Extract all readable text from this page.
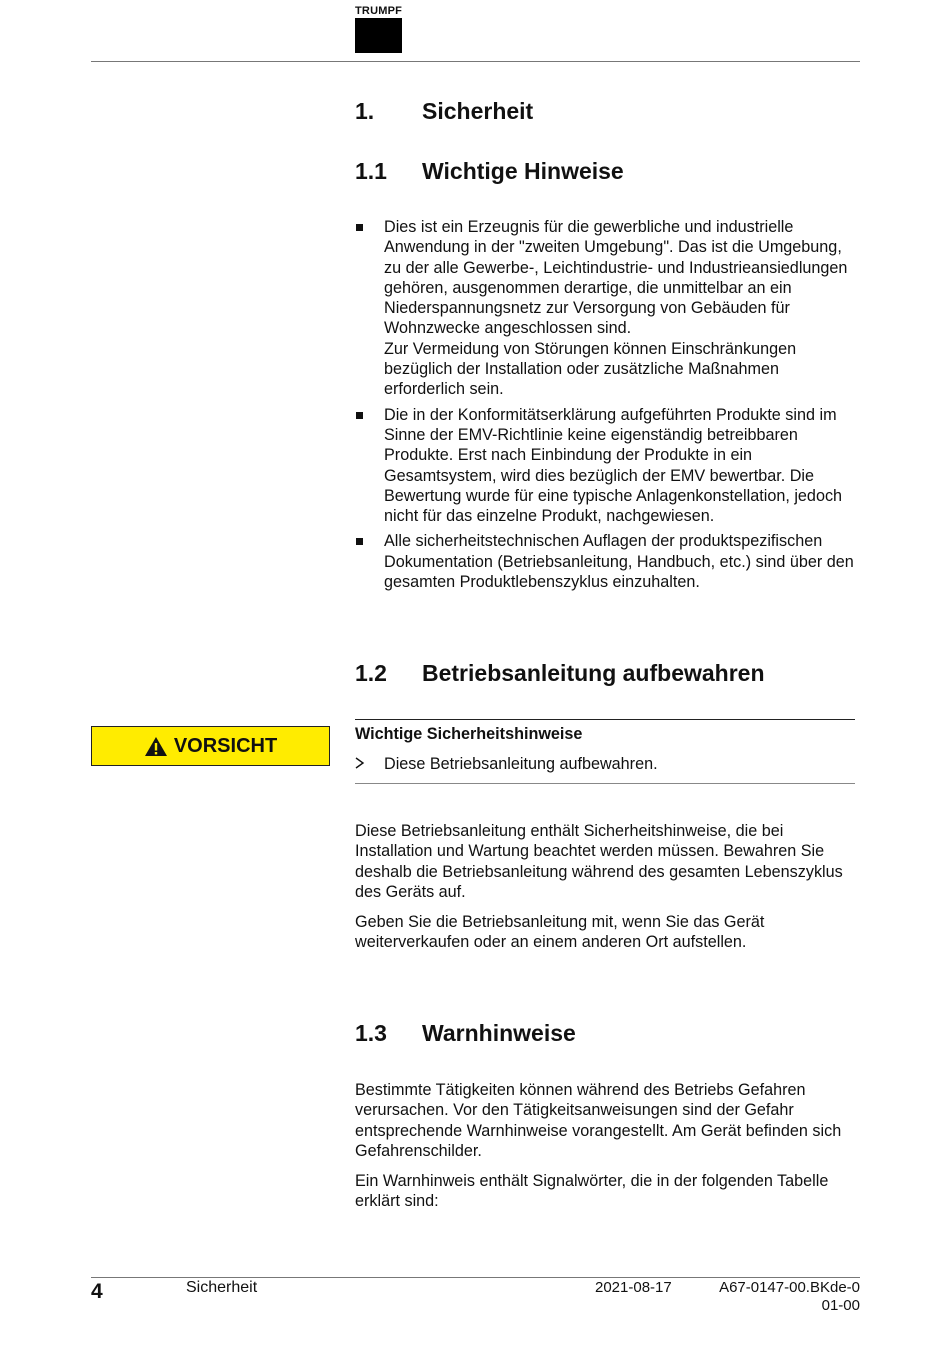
TRUMPF
1. Sicherheit
1.1 Wichtige Hinweise
Dies ist ein Erzeugnis für die gewerbliche und industrielle Anwendung in der "zweiten Umgebung". Das ist die Umgebung, zu der alle Gewerbe-, Leichtindustrie- und Industrieansiedlungen gehören, ausgenommen derartige, die unmittelbar an ein Niederspannungsnetz zur Versorgung von Gebäuden für Wohnzwecke angeschlossen sind.
Zur Vermeidung von Störungen können Einschränkungen bezüglich der Installation oder zusätzliche Maßnahmen erforderlich sein.
Die in der Konformitätserklärung aufgeführten Produkte sind im Sinne der EMV-Richtlinie keine eigenständig betreibbaren Produkte. Erst nach Einbindung der Produkte in ein Gesamtsystem, wird dies bezüglich der EMV bewertbar. Die Bewertung wurde für eine typische Anlagenkonstellation, jedoch nicht für das einzelne Produkt, nachgewiesen.
Alle sicherheitstechnischen Auflagen der produktspezifischen Dokumentation (Betriebsanleitung, Handbuch, etc.) sind über den gesamten Produktlebenszyklus einzuhalten.
1.2 Betriebsanleitung aufbewahren
VORSICHT
Wichtige Sicherheitshinweise
Diese Betriebsanleitung aufbewahren.

Diese Betriebsanleitung enthält Sicherheitshinweise, die bei Installation und Wartung beachtet werden müssen. Bewahren Sie deshalb die Betriebsanleitung während des gesamten Lebenszyklus des Geräts auf.

Geben Sie die Betriebsanleitung mit, wenn Sie das Gerät weiterverkaufen oder an einem anderen Ort aufstellen.

1.3 Warnhinweise

Bestimmte Tätigkeiten können während des Betriebs Gefahren verursachen. Vor den Tätigkeitsanweisungen sind der Gefahr entsprechende Warnhinweise vorangestellt. Am Gerät befinden sich Gefahrenschilder.

Ein Warnhinweis enthält Signalwörter, die in der folgenden Tabelle erklärt sind:

4	Sicherheit	2021-08-17	A67-0147-00.BKde-0
01-00
